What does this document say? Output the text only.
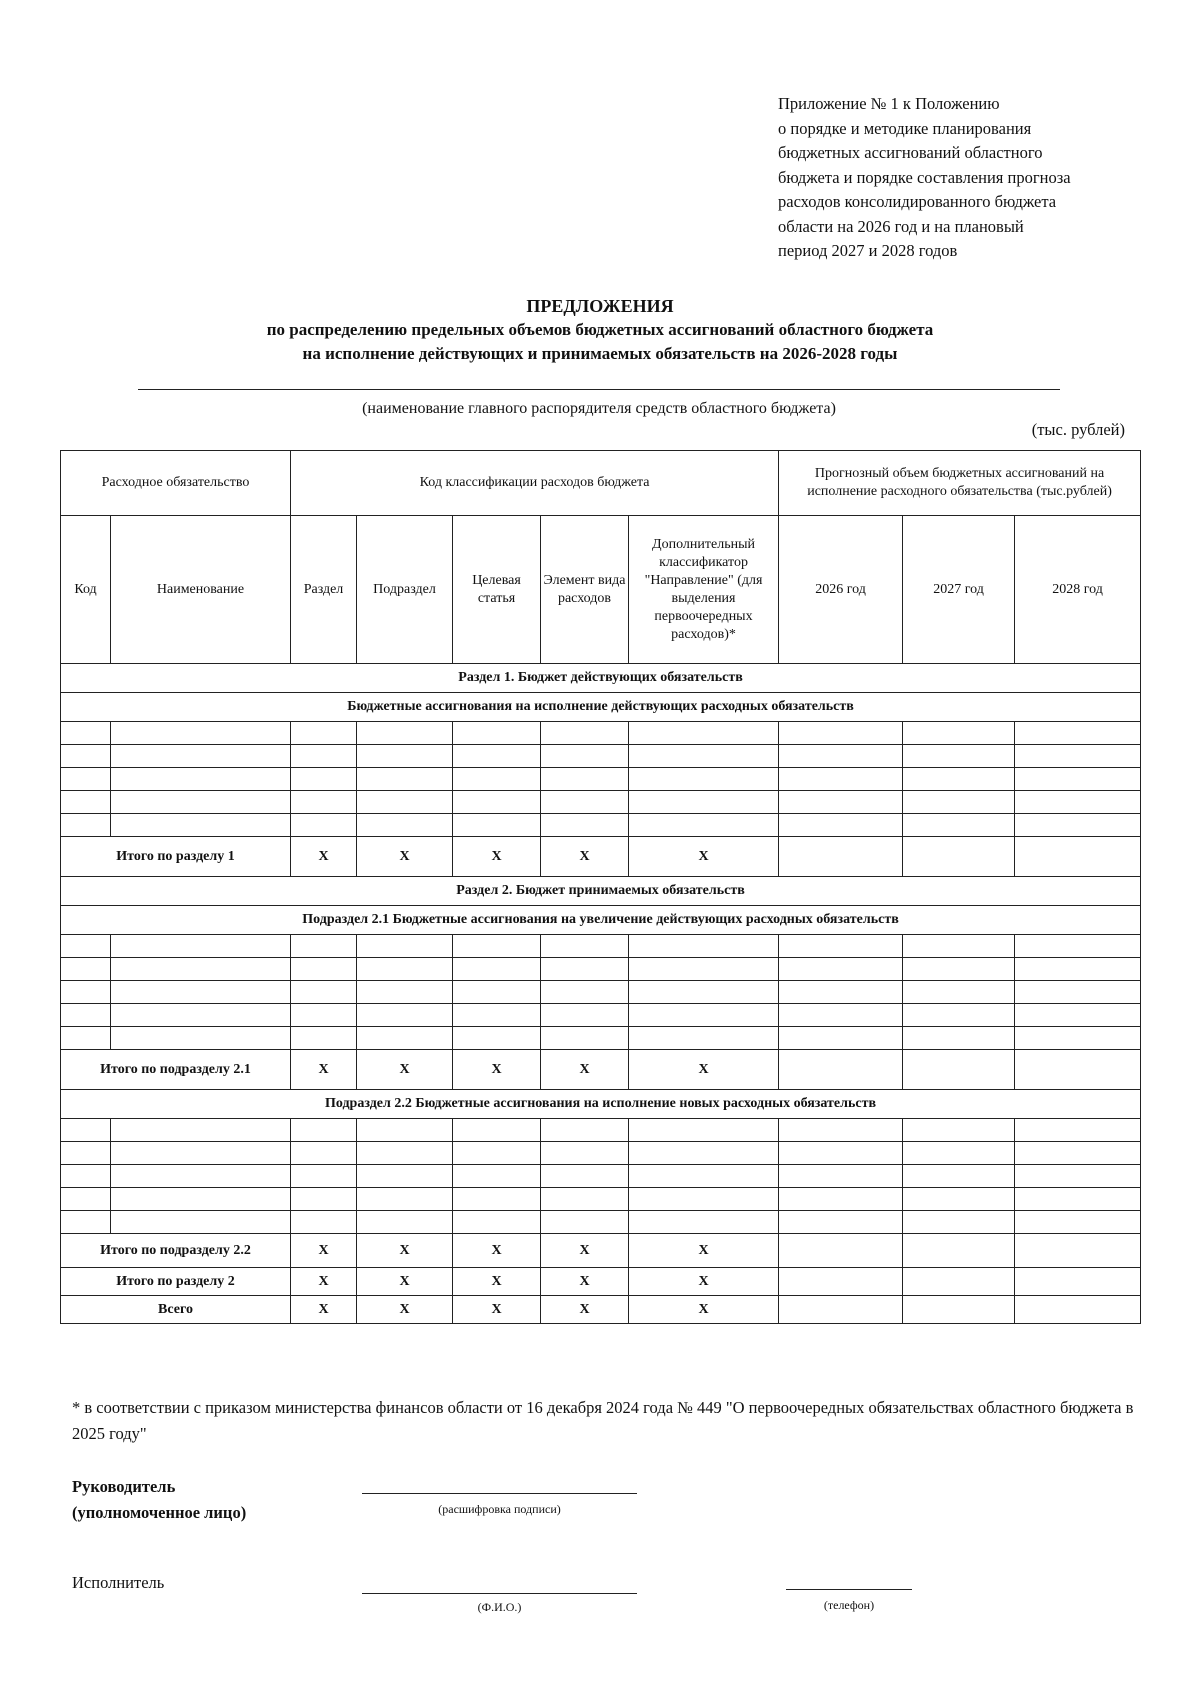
Приложение № 1 к Положению
о порядке и методике планирования
бюджетных ассигнований областного
бюджета и порядке составления прогноза
расходов консолидированного бюджета
области на 2026 год и на плановый
период 2027 и 2028 годов
ПРЕДЛОЖЕНИЯ
по распределению предельных объемов бюджетных ассигнований областного бюджета
на исполнение действующих и принимаемых обязательств на 2026-2028 годы
(наименование главного распорядителя средств областного бюджета)
(тыс. рублей)
Расходное обязательство		Код классификации расходов бюджета					Прогнозный объем бюджетных ассигнований на исполнение расходного обязательства (тыс.рублей)		
Код	Наименование	Раздел	Подраздел	Целевая статья	Элемент вида расходов	Дополнительный классификатор "Направление" (для выделения первоочередных расходов)*	2026 год	2027 год	2028 год
Раздел 1. Бюджет действующих обязательств									
Бюджетные ассигнования на исполнение действующих расходных обязательств									

Итого по разделу 1		X	X	X	X	X			
Раздел 2. Бюджет принимаемых обязательств									
Подраздел 2.1 Бюджетные ассигнования на увеличение действующих расходных обязательств									

Итого по подразделу 2.1		X	X	X	X	X			
Подраздел 2.2 Бюджетные ассигнования на исполнение новых расходных обязательств									

Итого по подразделу 2.2		X	X	X	X	X			
Итого по разделу 2		X	X	X	X	X			
Всего		X	X	X	X	X			
* в соответствии с приказом министерства финансов области от 16 декабря 2024 года № 449 "О первоочередных обязательствах областного бюджета в 2025 году"
Руководитель
(уполномоченное лицо)	(расшифровка подписи)
Исполнитель
(Ф.И.О.)	(телефон)
